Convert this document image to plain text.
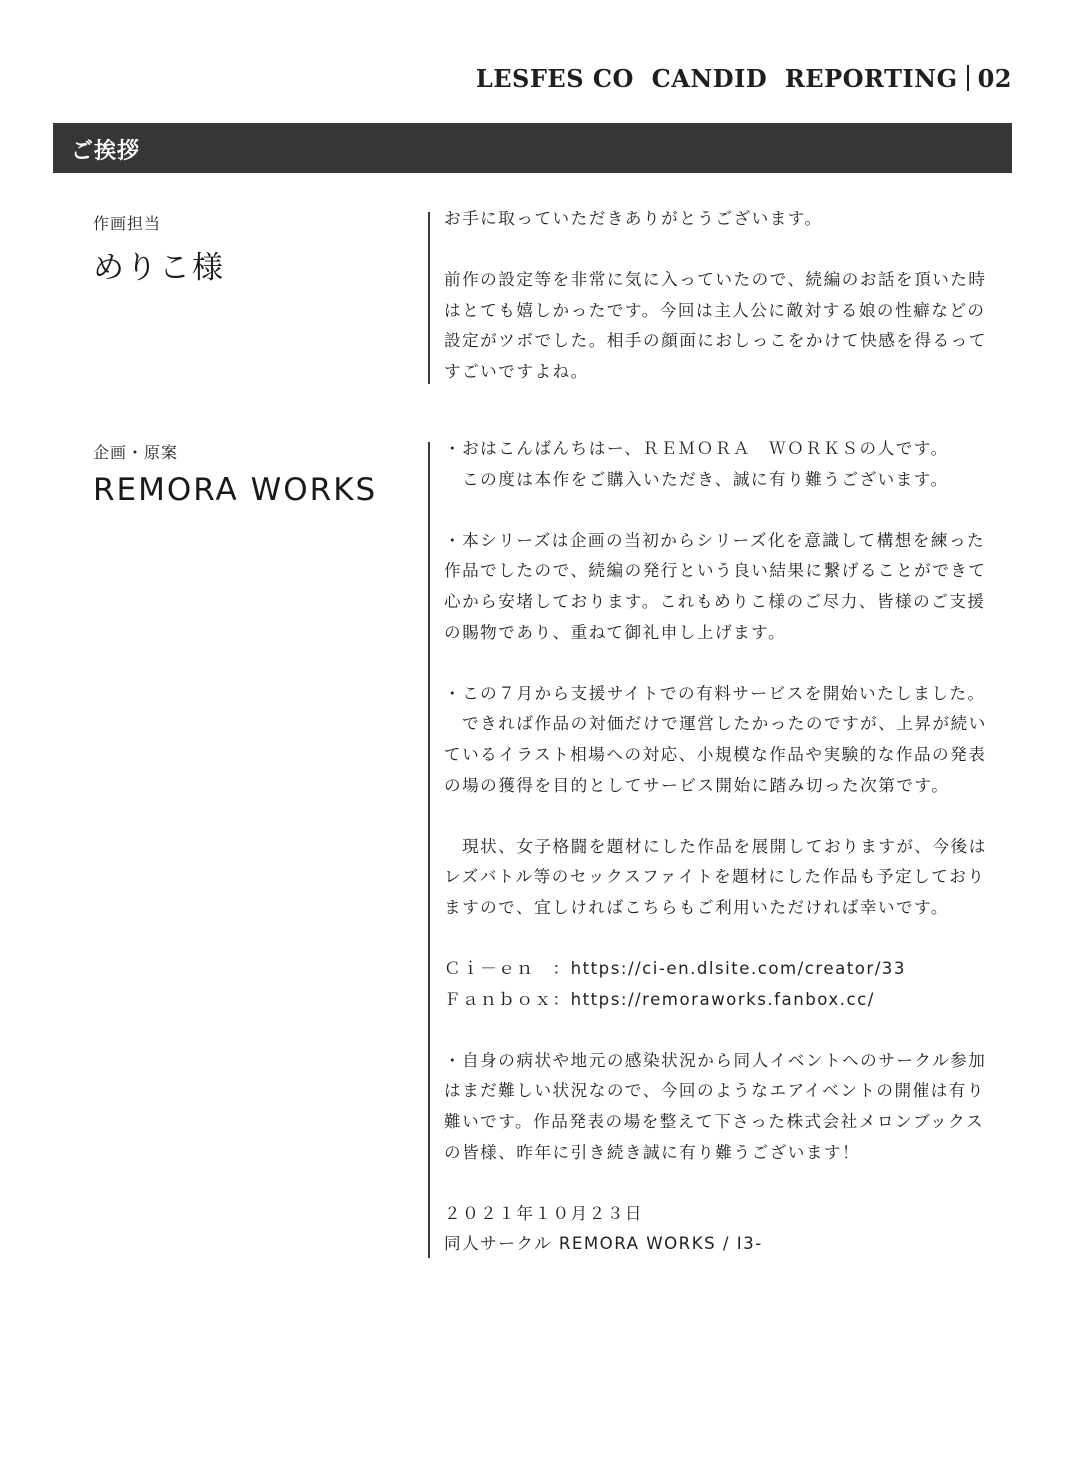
LESFES CO  CANDID  REPORTING 02
ご挨拶
作画担当
めりこ様

お手に取っていただきありがとうございます。

前作の設定等を非常に気に入っていたので、続編のお話を頂いた時

はとても嬉しかったです。今回は主人公に敵対する娘の性癖などの

設定がツボでした。相手の顔面におしっこをかけて快感を得るって

すごいですよね。

企画・原案
REMORA WORKS

・おはこんばんちはー、ＲＥＭＯＲＡ　ＷＯＲＫＳの人です。

　この度は本作をご購入いただき、誠に有り難うございます。

・本シリーズは企画の当初からシリーズ化を意識して構想を練った

作品でしたので、続編の発行という良い結果に繋げることができて

心から安堵しております。これもめりこ様のご尽力、皆様のご支援

の賜物であり、重ねて御礼申し上げます。

・この７月から支援サイトでの有料サービスを開始いたしました。

　できれば作品の対価だけで運営したかったのですが、上昇が続い

ているイラスト相場への対応、小規模な作品や実験的な作品の発表

の場の獲得を目的としてサービス開始に踏み切った次第です。

　現状、女子格闘を題材にした作品を展開しておりますが、今後は

レズバトル等のセックスファイトを題材にした作品も予定しており

ますので、宜しければこちらもご利用いただければ幸いです。

Ｃｉ－ｅｎ　：https://ci-en.dlsite.com/creator/33

Ｆａｎｂｏｘ：https://remoraworks.fanbox.cc/

・自身の病状や地元の感染状況から同人イベントへのサークル参加

はまだ難しい状況なので、今回のようなエアイベントの開催は有り

難いです。作品発表の場を整えて下さった株式会社メロンブックス

の皆様、昨年に引き続き誠に有り難うございます！

２０２１年１０月２３日

同人サークル REMORA WORKS / I3-
